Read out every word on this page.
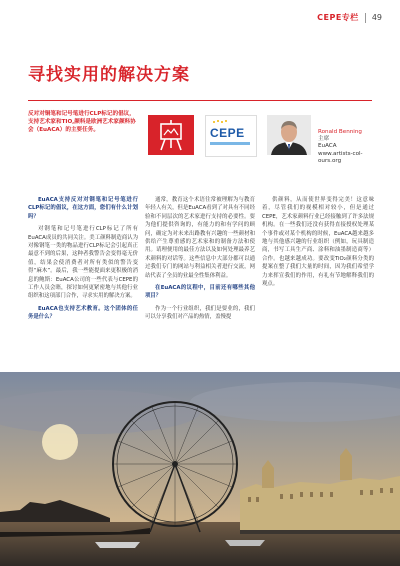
CEPE专栏 49
寻找实用的解决方案
反对对铜笔和记号笔进行CLP标记的倡议，支持艺术家和TIO,颜料是欧洲艺术家颜料协会（EuACA）的主要任务。	CEPE	Ronald Benning
主席
EuACA
www.artists-col-ours.org

EuACA支持反对对钢笔和记号笔进行CLP标记的倡议，在这方面，您们有什么计划吗？

对钢笔和记号笔进行CLP标记了所有EuACA成员的共同关注。美工颜料制造商认为对像钢笔一类的物品进行CLP标记会引起真正最意不到的后果，这种者我警告会变得毫无价值，结果会使消费者对所有类似的警告变得“麻木”。最后，我一些能提面来更积极的消息的鲍斯：EuACA公司的一些代表与CEPE的工作人员会晤，探讨如何更紧密地与其他行业组织和这项部门合作，寻求实用的解决方案。

EuACA也支持艺术教育。这个团体的任务是什么？

通常，教育这个术语往常被理解为与教育年轻人有关，但是EuACA看到了对具有不同经验和不同层次的艺术家进行支持的必要性。要为他们提供咨询的，有能力的和有学问的顾问，确定为对未来出路教有兴趣的一些颜材和供给产生尊重感的艺术家和的制备方法和使用。请理便用的最佳方法以及如何处理最养艺术颜料的对话等。这些信息中大部分都可以通过我们专门的网站与利益相关者进行交流，网站代表了全员的业最全性集体利益。

在EuACA的议程中，目前还有哪些其他项目？

作为一个行业组织，我们是要业的，我们可以分享我们对产品的热情，盖慢提

供颜料，从而使世界变得完美！这意味着，尽管我们的视模相对较小，但是通过CEPE，艺术家颜料行业已经接触到了许多法规机构。在一些我们还没有获得直接授权处理某个事件或对某个机构的时候，EuACA越来越多地与其他感兴趣的行业组织（例如，玩具制造商，书写工具生产商、涂料和油墨制造商等）合作。也越来越成功。要改变TiO₂颜料分类的提案在整了我们大量的时间，因为我们希望学力来挥宣我们的作用，有礼有节地解释我们的观点。
